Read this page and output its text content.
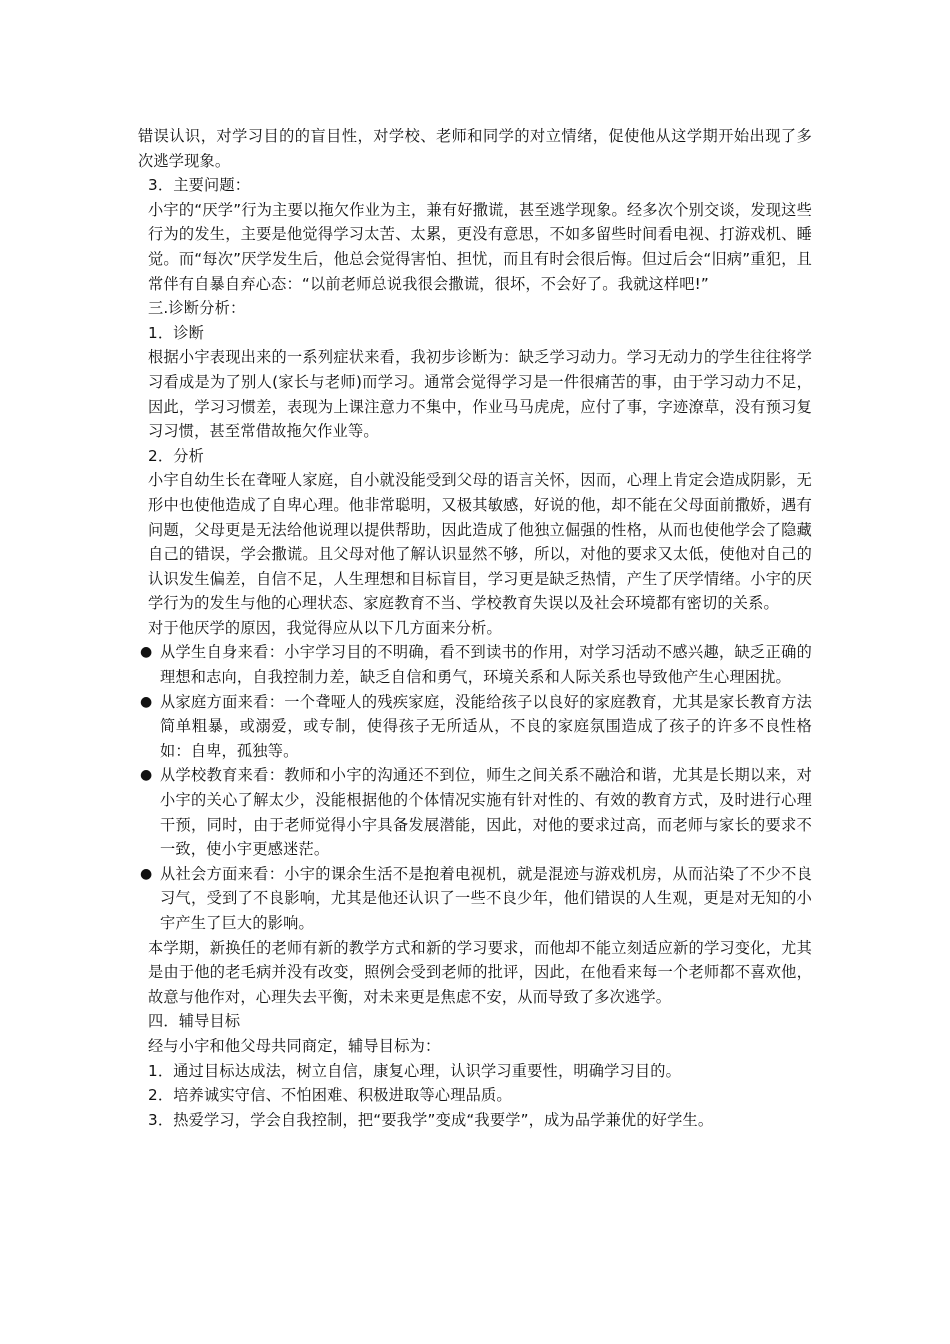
错误认识，对学习目的的盲目性，对学校、老师和同学的对立情绪，促使他从这学期开始出现了多次逃学现象。

3．主要问题：

小宇的“厌学”行为主要以拖欠作业为主，兼有好撒谎，甚至逃学现象。经多次个别交谈，发现这些行为的发生，主要是他觉得学习太苦、太累，更没有意思，不如多留些时间看电视、打游戏机、睡觉。而“每次”厌学发生后，他总会觉得害怕、担忧，而且有时会很后悔。但过后会“旧病”重犯，且常伴有自暴自弃心态：“以前老师总说我很会撒谎，很坏，不会好了。我就这样吧!”

三.诊断分析：

1．诊断

根据小宇表现出来的一系列症状来看，我初步诊断为：缺乏学习动力。学习无动力的学生往往将学习看成是为了别人(家长与老师)而学习。通常会觉得学习是一件很痛苦的事，由于学习动力不足，因此，学习习惯差，表现为上课注意力不集中，作业马马虎虎，应付了事，字迹潦草，没有预习复习习惯，甚至常借故拖欠作业等。

2．分析

小宇自幼生长在聋哑人家庭，自小就没能受到父母的语言关怀，因而，心理上肯定会造成阴影，无形中也使他造成了自卑心理。他非常聪明，又极其敏感，好说的他，却不能在父母面前撒娇，遇有问题，父母更是无法给他说理以提供帮助，因此造成了他独立倔强的性格，从而也使他学会了隐藏自己的错误，学会撒谎。且父母对他了解认识显然不够，所以，对他的要求又太低，使他对自己的认识发生偏差，自信不足，人生理想和目标盲目，学习更是缺乏热情，产生了厌学情绪。小宇的厌学行为的发生与他的心理状态、家庭教育不当、学校教育失误以及社会环境都有密切的关系。

对于他厌学的原因，我觉得应从以下几方面来分析。

● 从学生自身来看：小宇学习目的不明确，看不到读书的作用，对学习活动不感兴趣，缺乏正确的理想和志向，自我控制力差，缺乏自信和勇气，环境关系和人际关系也导致他产生心理困扰。
● 从家庭方面来看：一个聋哑人的残疾家庭，没能给孩子以良好的家庭教育，尤其是家长教育方法简单粗暴，或溺爱，或专制，使得孩子无所适从，不良的家庭氛围造成了孩子的许多不良性格如：自卑，孤独等。
● 从学校教育来看：教师和小宇的沟通还不到位，师生之间关系不融洽和谐，尤其是长期以来，对小宇的关心了解太少，没能根据他的个体情况实施有针对性的、有效的教育方式，及时进行心理干预，同时，由于老师觉得小宇具备发展潜能，因此，对他的要求过高，而老师与家长的要求不一致，使小宇更感迷茫。
● 从社会方面来看：小宇的课余生活不是抱着电视机，就是混迹与游戏机房，从而沾染了不少不良习气，受到了不良影响，尤其是他还认识了一些不良少年，他们错误的人生观，更是对无知的小宇产生了巨大的影响。

本学期，新换任的老师有新的教学方式和新的学习要求，而他却不能立刻适应新的学习变化，尤其是由于他的老毛病并没有改变，照例会受到老师的批评，因此，在他看来每一个老师都不喜欢他，故意与他作对，心理失去平衡，对未来更是焦虑不安，从而导致了多次逃学。

四．辅导目标

经与小宇和他父母共同商定，辅导目标为：

1．通过目标达成法，树立自信，康复心理，认识学习重要性，明确学习目的。

2．培养诚实守信、不怕困难、积极进取等心理品质。

3．热爱学习，学会自我控制，把“要我学”变成“我要学”，成为品学兼优的好学生。
